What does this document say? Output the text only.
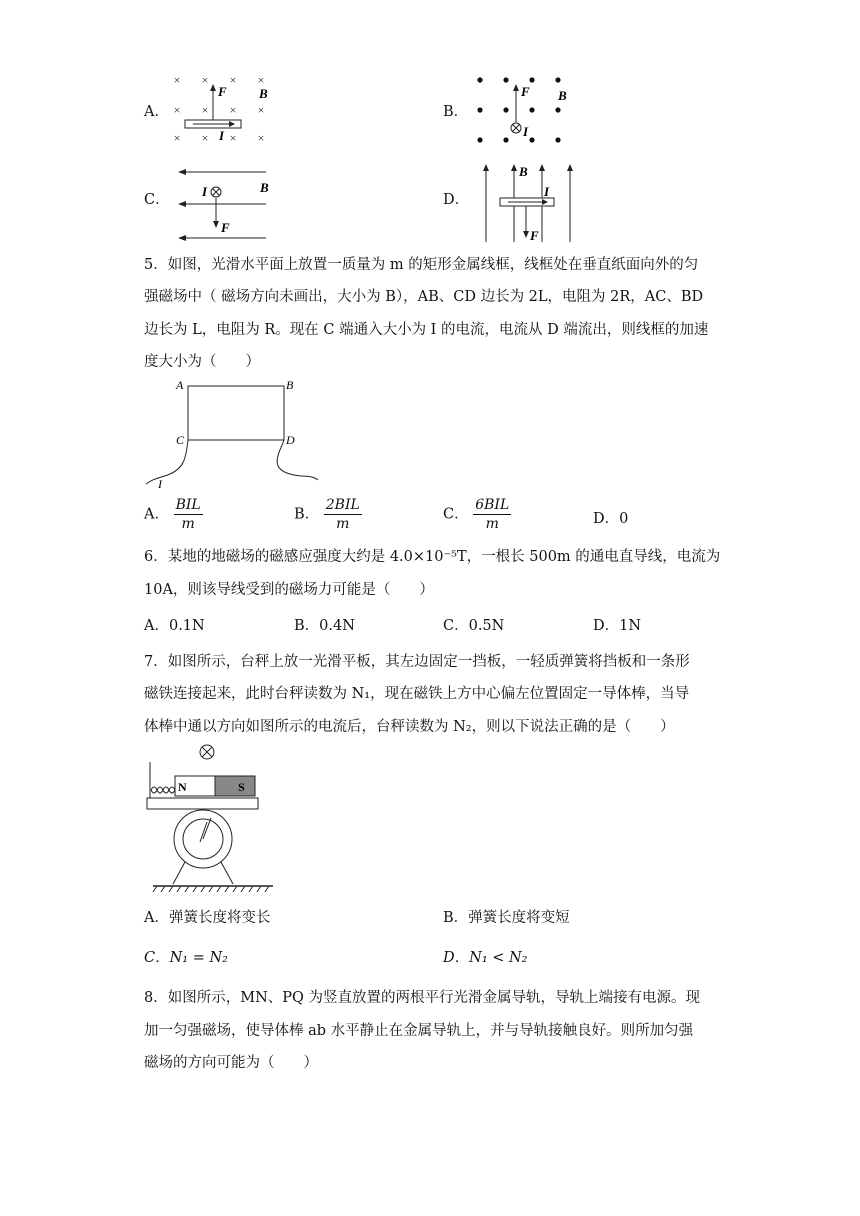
A．
× × × ×
× × × ×
× × × ×
F B
I
B．
F B
I
C．
I	B
F
D．
B
I
F
5．如图，光滑水平面上放置一质量为 m 的矩形金属线框，线框处在垂直纸面向外的匀
强磁场中（ 磁场方向未画出，大小为 B），AB、CD 边长为 2L，电阻为 2R，AC、BD
边长为 L，电阻为 R。现在 C 端通入大小为 I 的电流，电流从 D 端流出，则线框的加速
度大小为（　　）
A	B
C	D
I
A． $\frac{\text{BIL}}{m}$	B． $\frac{\text{2BIL}}{m}$	C． $\frac{\text{6BIL}}{m}$	D．0
6．某地的地磁场的磁感应强度大约是 4.0×10⁻⁵T，一根长 500m 的通电直导线，电流为
10A，则该导线受到的磁场力可能是（　　）
A．0.1N	B．0.4N	C．0.5N	D．1N
7．如图所示，台秤上放一光滑平板，其左边固定一挡板，一轻质弹簧将挡板和一条形
磁铁连接起来，此时台秤读数为 N₁，现在磁铁上方中心偏左位置固定一导体棒，当导
体棒中通以方向如图所示的电流后，台秤读数为 N₂，则以下说法正确的是（　　）
N	S
A．弹簧长度将变长	B．弹簧长度将变短
C．N₁ = N₂	D．N₁ < N₂
8．如图所示，MN、PQ 为竖直放置的两根平行光滑金属导轨，导轨上端接有电源。现
加一匀强磁场，使导体棒 ab 水平静止在金属导轨上，并与导轨接触良好。则所加匀强
磁场的方向可能为（　　）
